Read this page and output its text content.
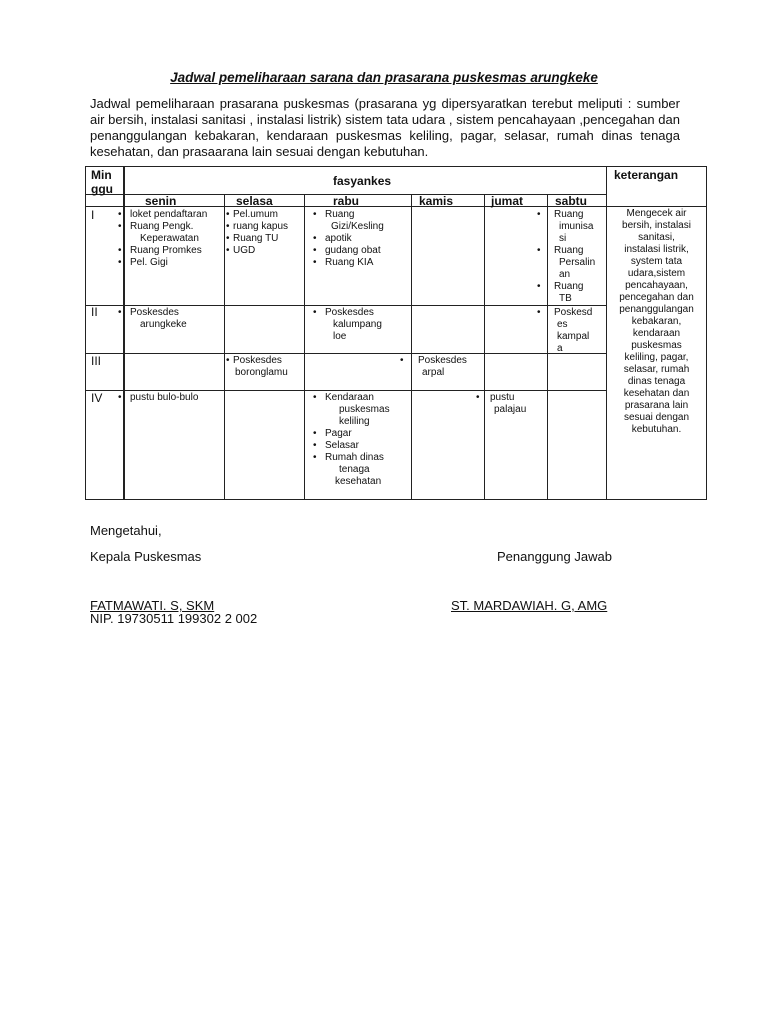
Jadwal pemeliharaan sarana dan prasarana puskesmas arungkeke
Jadwal pemeliharaan prasarana puskesmas (prasarana yg dipersyaratkan terebut meliputi : sumber air bersih, instalasi sanitasi , instalasi listrik) sistem tata udara , sistem pencahayaan ,pencegahan dan penanggulangan kebakaran, kendaraan puskesmas keliling, pagar, selasar, rumah dinas tenaga kesehatan, dan prasaarana lain sesuai dengan kebutuhan.
Min
ggu
fasyankes	keterangan
senin	selasa	rabu	kamis	jumat	sabtu
I
II
III
IV
• loket pendaftaran
• Ruang Pengk.
Keperawatan
• Ruang Promkes
• Pel. Gigi
• Pel.umum
• ruang kapus
• Ruang TU
• UGD
• Ruang
Gizi/Kesling
• apotik
• gudang obat
• Ruang KIA
• Ruang
imunisa
si
• Ruang
Persalin
an
• Ruang
TB
• Poskesdes
arungkeke
• Poskesdes
kalumpang
loe
• Poskesd
es
kampal
a
• Poskesdes
boronglamu
• Poskesdes
arpal
• pustu bulo-bulo
•	Kendaraan
puskesmas
keliling
• Pagar
• Selasar
• Rumah dinas
tenaga
kesehatan
• pustu
palajau
Mengecek air
bersih, instalasi
sanitasi,
instalasi listrik,
system tata
udara,sistem
pencahayaan,
pencegahan dan
penanggulangan
kebakaran,
kendaraan
puskesmas
keliling, pagar,
selasar, rumah
dinas tenaga
kesehatan dan
prasarana lain
sesuai dengan
kebutuhan.
Mengetahui,
Kepala Puskesmas	Penanggung Jawab
FATMAWATI. S, SKM
NIP. 19730511 199302 2 002
ST. MARDAWIAH. G, AMG
